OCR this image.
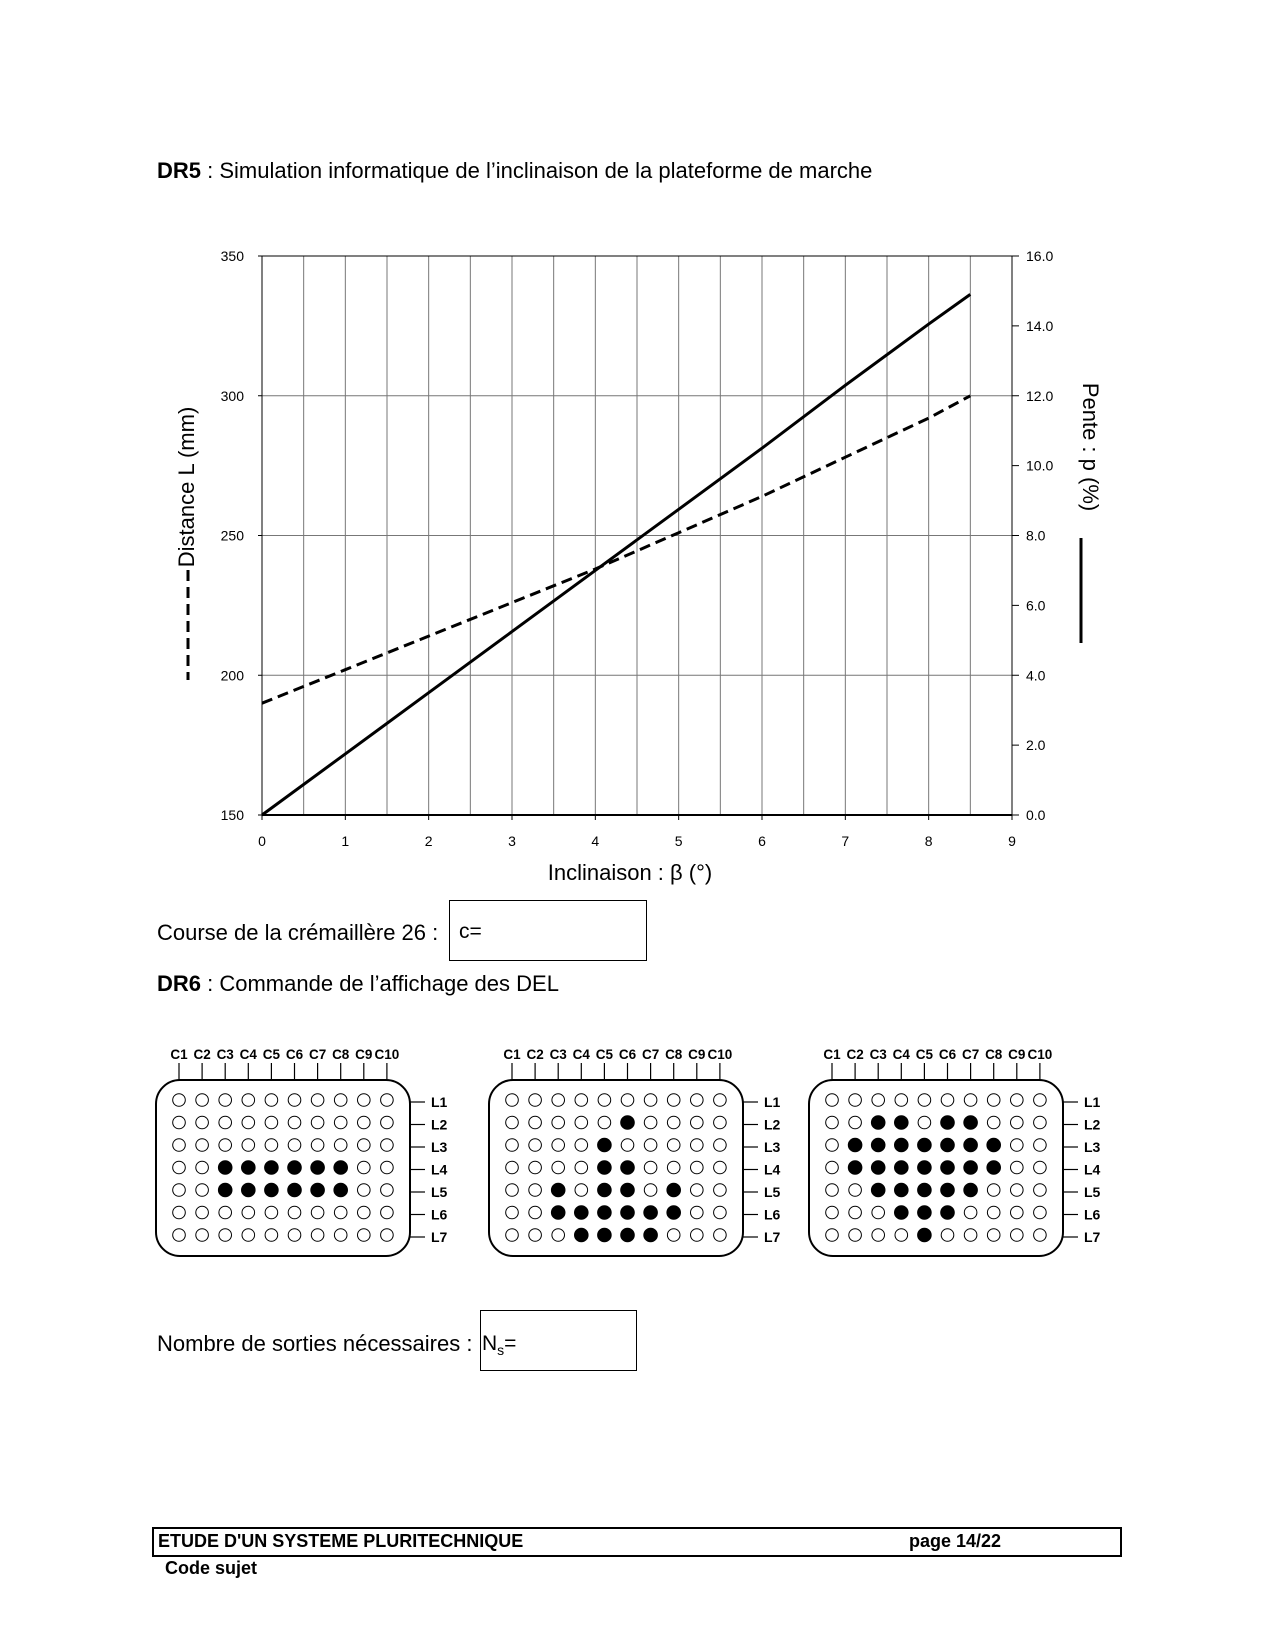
DR5 : Simulation informatique de l’inclinaison de la plateforme de marche
150
200
250
300
350
0	1	2	3	4	5	6	7	8	9
0.0
2.0
4.0
6.0
8.0
10.0
12.0
14.0
16.0
Inclinaison : β (°)
Distance L (mm)	Pente : p (%)
Course de la crémaillère 26 : c=
DR6 : Commande de l’affichage des DEL
C1 C2 C3 C4 C5 C6 C7 C8 C9 C10
L1
L2
L3
L4
L5
L6
L7
C1 C2 C3 C4 C5 C6 C7 C8 C9 C10
L1
L2
L3
L4
L5
L6
L7
C1 C2 C3 C4 C5 C6 C7 C8 C9 C10
L1
L2
L3
L4
L5
L6
L7
Nombre de sorties nécessaires : $N_s=$
ETUDE D'UN SYSTEME PLURITECHNIQUE	page 14/22
Code sujet
